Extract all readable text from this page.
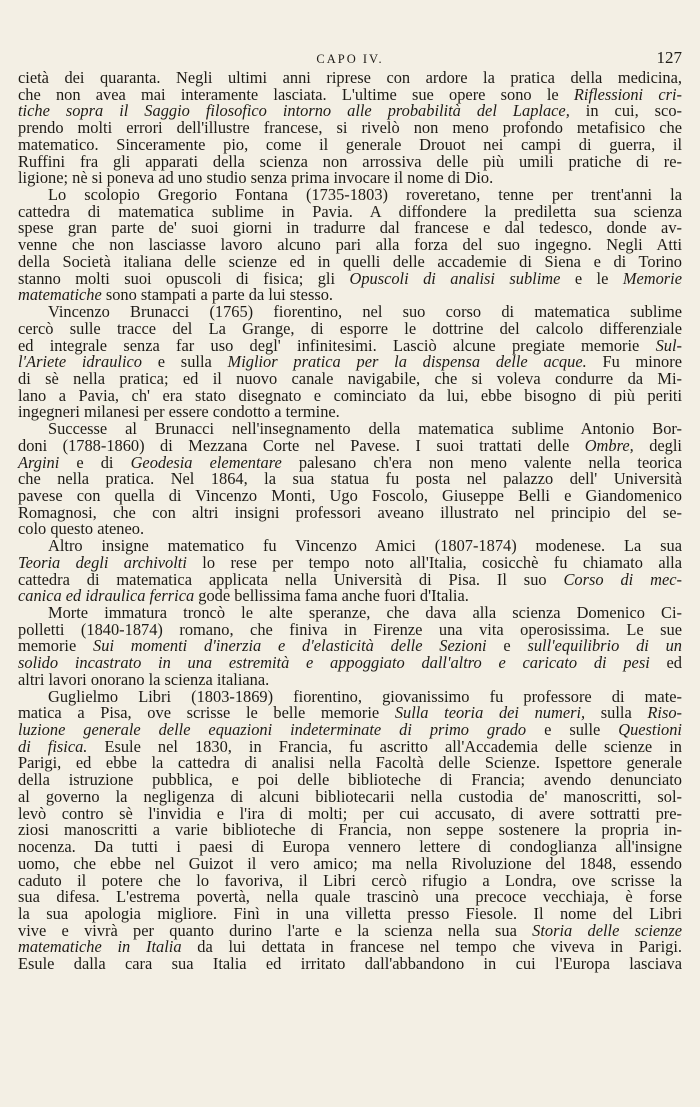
CAPO IV.	127
cietà dei quaranta. Negli ultimi anni riprese con ardore la pratica della medicina,
che non avea mai interamente lasciata. L'ultime sue opere sono le Riflessioni cri-
tiche sopra il Saggio filosofico intorno alle probabilità del Laplace, in cui, sco-
prendo molti errori dell'illustre francese, si rivelò non meno profondo metafisico che
matematico. Sinceramente pio, come il generale Drouot nei campi di guerra, il
Ruffini fra gli apparati della scienza non arrossiva delle più umili pratiche di re-
ligione; nè si poneva ad uno studio senza prima invocare il nome di Dio.
Lo scolopio Gregorio Fontana (1735-1803) roveretano, tenne per trent'anni la
cattedra di matematica sublime in Pavia. A diffondere la prediletta sua scienza
spese gran parte de' suoi giorni in tradurre dal francese e dal tedesco, donde av-
venne che non lasciasse lavoro alcuno pari alla forza del suo ingegno. Negli Atti
della Società italiana delle scienze ed in quelli delle accademie di Siena e di Torino
stanno molti suoi opuscoli di fisica; gli Opuscoli di analisi sublime e le Memorie
matematiche sono stampati a parte da lui stesso.
Vincenzo Brunacci (1765) fiorentino, nel suo corso di matematica sublime
cercò sulle tracce del La Grange, di esporre le dottrine del calcolo differenziale
ed integrale senza far uso degl' infinitesimi. Lasciò alcune pregiate memorie Sul-
l'Ariete idraulico e sulla Miglior pratica per la dispensa delle acque. Fu minore
di sè nella pratica; ed il nuovo canale navigabile, che si voleva condurre da Mi-
lano a Pavia, ch' era stato disegnato e cominciato da lui, ebbe bisogno di più periti
ingegneri milanesi per essere condotto a termine.
Successe al Brunacci nell'insegnamento della matematica sublime Antonio Bor-
doni (1788-1860) di Mezzana Corte nel Pavese. I suoi trattati delle Ombre, degli
Argini e di Geodesia elementare palesano ch'era non meno valente nella teorica
che nella pratica. Nel 1864, la sua statua fu posta nel palazzo dell' Università
pavese con quella di Vincenzo Monti, Ugo Foscolo, Giuseppe Belli e Giandomenico
Romagnosi, che con altri insigni professori aveano illustrato nel principio del se-
colo questo ateneo.
Altro insigne matematico fu Vincenzo Amici (1807-1874) modenese. La sua
Teoria degli archivolti lo rese per tempo noto all'Italia, cosicchè fu chiamato alla
cattedra di matematica applicata nella Università di Pisa. Il suo Corso di mec-
canica ed idraulica ferrica gode bellissima fama anche fuori d'Italia.
Morte immatura troncò le alte speranze, che dava alla scienza Domenico Ci-
polletti (1840-1874) romano, che finiva in Firenze una vita operosissima. Le sue
memorie Sui momenti d'inerzia e d'elasticità delle Sezioni e sull'equilibrio di un
solido incastrato in una estremità e appoggiato dall'altro e caricato di pesi ed
altri lavori onorano la scienza italiana.
Guglielmo Libri (1803-1869) fiorentino, giovanissimo fu professore di mate-
matica a Pisa, ove scrisse le belle memorie Sulla teoria dei numeri, sulla Riso-
luzione generale delle equazioni indeterminate di primo grado e sulle Questioni
di fisica. Esule nel 1830, in Francia, fu ascritto all'Accademia delle scienze in
Parigi, ed ebbe la cattedra di analisi nella Facoltà delle Scienze. Ispettore generale
della istruzione pubblica, e poi delle biblioteche di Francia; avendo denunciato
al governo la negligenza di alcuni bibliotecarii nella custodia de' manoscritti, sol-
levò contro sè l'invidia e l'ira di molti; per cui accusato, di avere sottratti pre-
ziosi manoscritti a varie biblioteche di Francia, non seppe sostenere la propria in-
nocenza. Da tutti i paesi di Europa vennero lettere di condoglianza all'insigne
uomo, che ebbe nel Guizot il vero amico; ma nella Rivoluzione del 1848, essendo
caduto il potere che lo favoriva, il Libri cercò rifugio a Londra, ove scrisse la
sua difesa. L'estrema povertà, nella quale trascinò una precoce vecchiaja, è forse
la sua apologia migliore. Finì in una villetta presso Fiesole. Il nome del Libri
vive e vivrà per quanto durino l'arte e la scienza nella sua Storia delle scienze
matematiche in Italia da lui dettata in francese nel tempo che viveva in Parigi.
Esule dalla cara sua Italia ed irritato dall'abbandono in cui l'Europa lasciava
